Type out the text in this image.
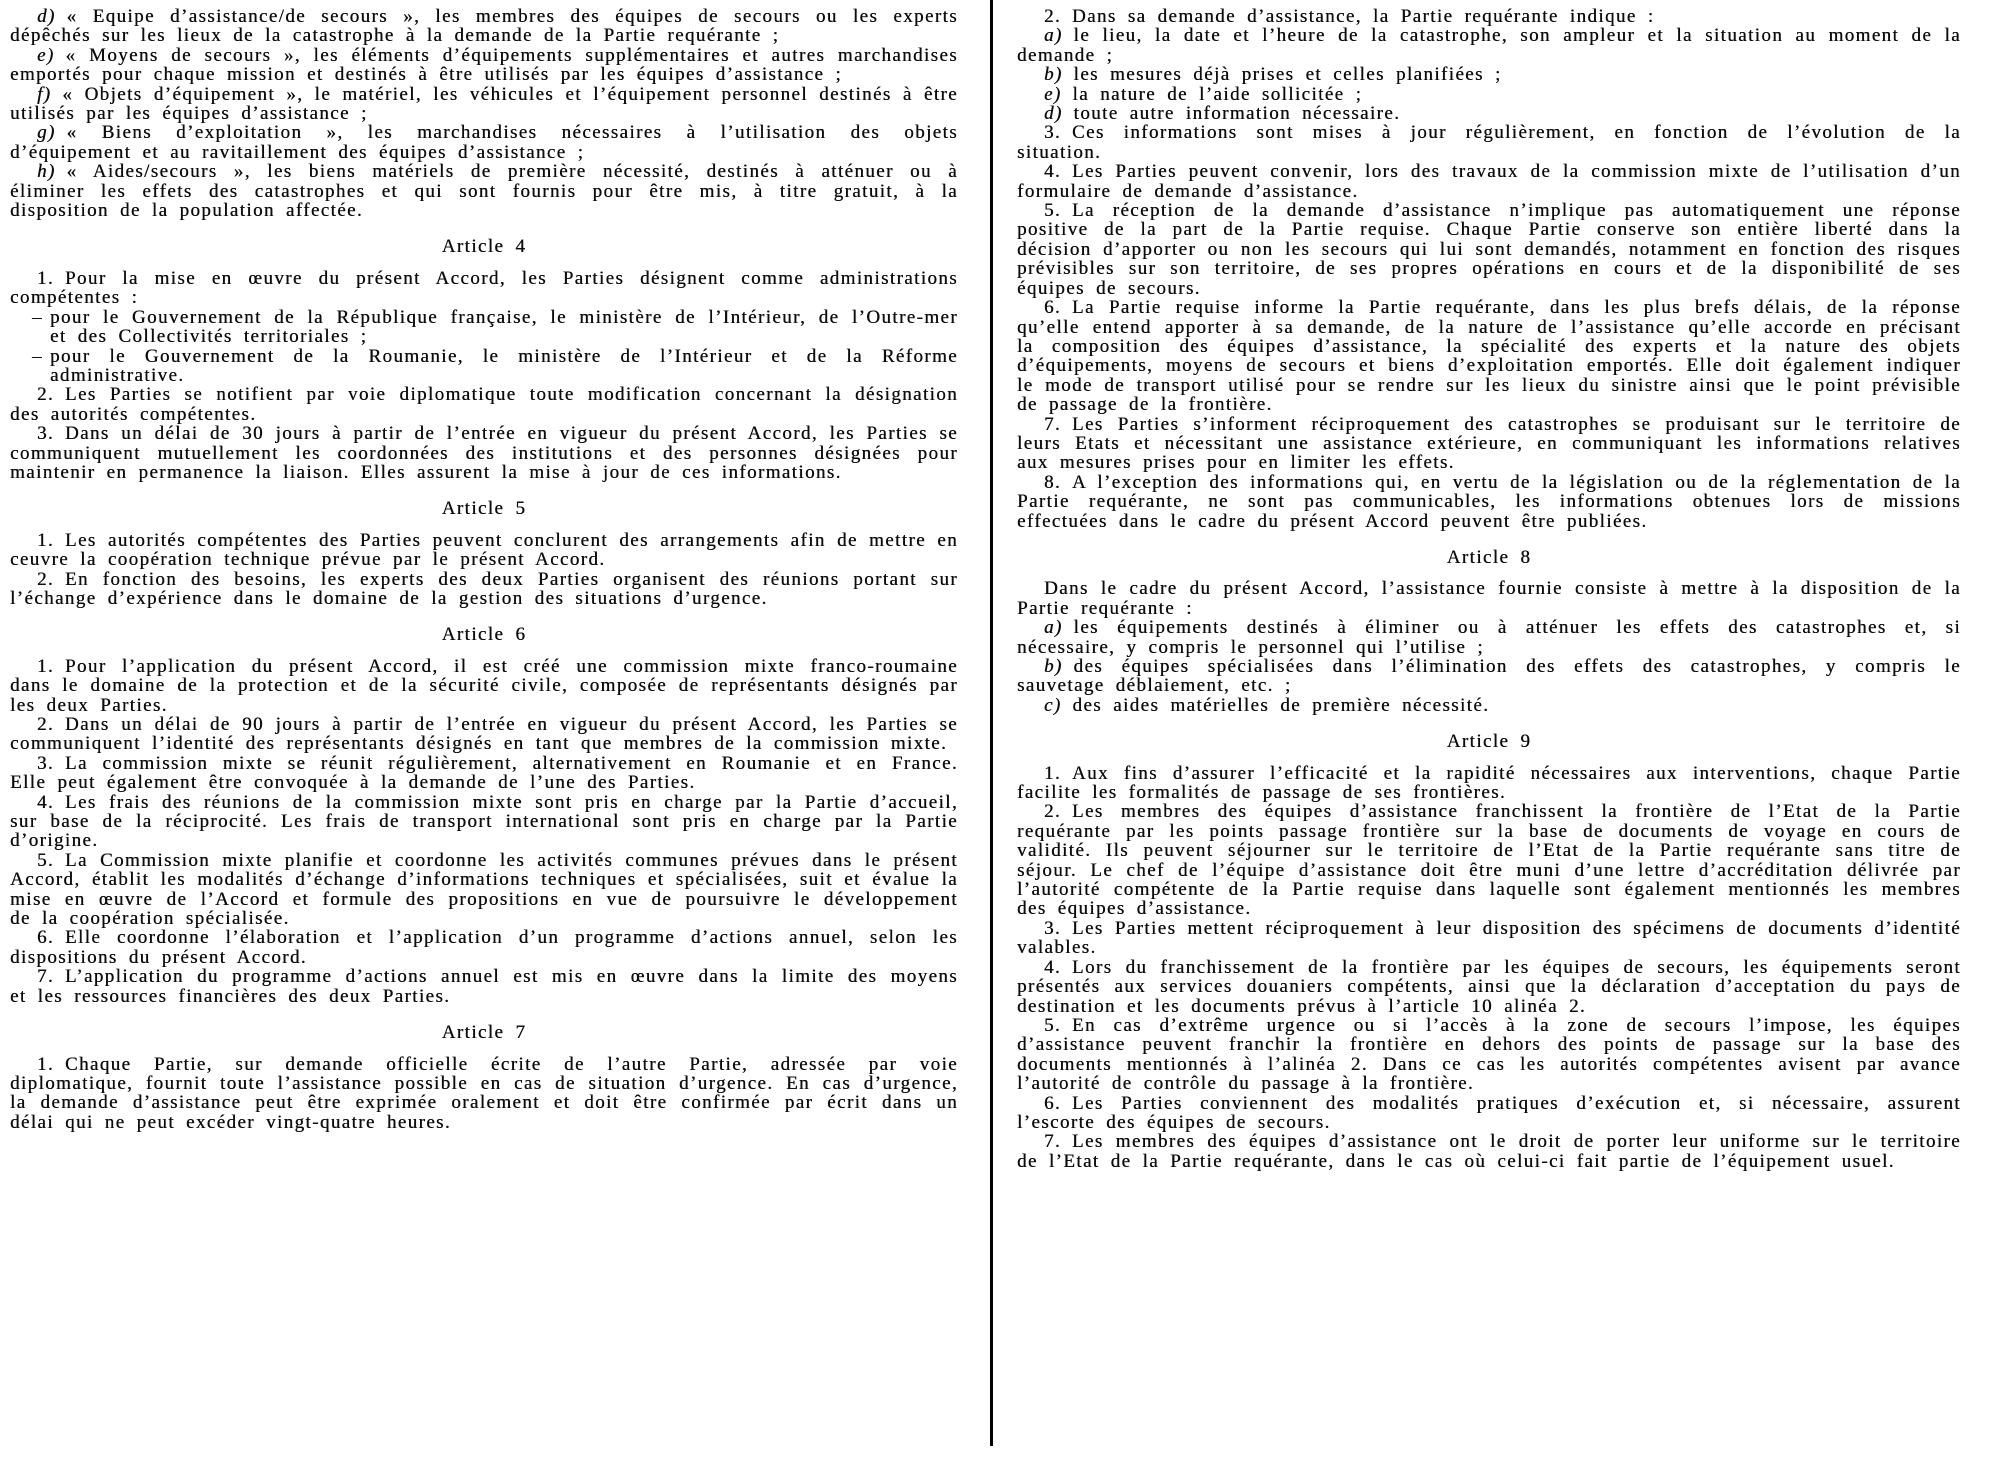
d) « Equipe d’assistance/de secours », les membres des équipes de secours ou les experts dépêchés sur les lieux de la catastrophe à la demande de la Partie requérante ;

e) « Moyens de secours », les éléments d’équipements supplémentaires et autres marchandises emportés pour chaque mission et destinés à être utilisés par les équipes d’assistance ;

f) « Objets d’équipement », le matériel, les véhicules et l’équipement personnel destinés à être utilisés par les équipes d’assistance ;

g) « Biens d’exploitation », les marchandises nécessaires à l’utilisation des objets d’équipement et au ravitaillement des équipes d’assistance ;

h) « Aides/secours », les biens matériels de première nécessité, destinés à atténuer ou à éliminer les effets des catastrophes et qui sont fournis pour être mis, à titre gratuit, à la disposition de la population affectée.

Article 4

1. Pour la mise en œuvre du présent Accord, les Parties désignent comme administrations compétentes :

– pour le Gouvernement de la République française, le ministère de l’Intérieur, de l’Outre-mer et des Collectivités territoriales ;

– pour le Gouvernement de la Roumanie, le ministère de l’Intérieur et de la Réforme administrative.

2. Les Parties se notifient par voie diplomatique toute modification concernant la désignation des autorités compétentes.

3. Dans un délai de 30 jours à partir de l’entrée en vigueur du présent Accord, les Parties se communiquent mutuellement les coordonnées des institutions et des personnes désignées pour maintenir en permanence la liaison. Elles assurent la mise à jour de ces informations.

Article 5

1. Les autorités compétentes des Parties peuvent conclurent des arrangements afin de mettre en ceuvre la coopération technique prévue par le présent Accord.

2. En fonction des besoins, les experts des deux Parties organisent des réunions portant sur l’échange d’expérience dans le domaine de la gestion des situations d’urgence.

Article 6

1. Pour l’application du présent Accord, il est créé une commission mixte franco-roumaine dans le domaine de la protection et de la sécurité civile, composée de représentants désignés par les deux Parties.

2. Dans un délai de 90 jours à partir de l’entrée en vigueur du présent Accord, les Parties se communiquent l’identité des représentants désignés en tant que membres de la commission mixte.

3. La commission mixte se réunit régulièrement, alternativement en Roumanie et en France. Elle peut également être convoquée à la demande de l’une des Parties.

4. Les frais des réunions de la commission mixte sont pris en charge par la Partie d’accueil, sur base de la réciprocité. Les frais de transport international sont pris en charge par la Partie d’origine.

5. La Commission mixte planifie et coordonne les activités communes prévues dans le présent Accord, établit les modalités d’échange d’informations techniques et spécialisées, suit et évalue la mise en œuvre de l’Accord et formule des propositions en vue de poursuivre le développement de la coopération spécialisée.

6. Elle coordonne l’élaboration et l’application d’un programme d’actions annuel, selon les dispositions du présent Accord.

7. L’application du programme d’actions annuel est mis en œuvre dans la limite des moyens et les ressources financières des deux Parties.

Article 7

1. Chaque Partie, sur demande officielle écrite de l’autre Partie, adressée par voie diplomatique, fournit toute l’assistance possible en cas de situation d’urgence. En cas d’urgence, la demande d’assistance peut être exprimée oralement et doit être confirmée par écrit dans un délai qui ne peut excéder vingt-quatre heures.

2. Dans sa demande d’assistance, la Partie requérante indique :

a) le lieu, la date et l’heure de la catastrophe, son ampleur et la situation au moment de la demande ;

b) les mesures déjà prises et celles planifiées ;

e) la nature de l’aide sollicitée ;

d) toute autre information nécessaire.

3. Ces informations sont mises à jour régulièrement, en fonction de l’évolution de la situation.

4. Les Parties peuvent convenir, lors des travaux de la commission mixte de l’utilisation d’un formulaire de demande d’assistance.

5. La réception de la demande d’assistance n’implique pas automatiquement une réponse positive de la part de la Partie requise. Chaque Partie conserve son entière liberté dans la décision d’apporter ou non les secours qui lui sont demandés, notamment en fonction des risques prévisibles sur son territoire, de ses propres opérations en cours et de la disponibilité de ses équipes de secours.

6. La Partie requise informe la Partie requérante, dans les plus brefs délais, de la réponse qu’elle entend apporter à sa demande, de la nature de l’assistance qu’elle accorde en précisant la composition des équipes d’assistance, la spécialité des experts et la nature des objets d’équipements, moyens de secours et biens d’exploitation emportés. Elle doit également indiquer le mode de transport utilisé pour se rendre sur les lieux du sinistre ainsi que le point prévisible de passage de la frontière.

7. Les Parties s’informent réciproquement des catastrophes se produisant sur le territoire de leurs Etats et nécessitant une assistance extérieure, en communiquant les informations relatives aux mesures prises pour en limiter les effets.

8. A l’exception des informations qui, en vertu de la législation ou de la réglementation de la Partie requérante, ne sont pas communicables, les informations obtenues lors de missions effectuées dans le cadre du présent Accord peuvent être publiées.

Article 8

Dans le cadre du présent Accord, l’assistance fournie consiste à mettre à la disposition de la Partie requérante :

a) les équipements destinés à éliminer ou à atténuer les effets des catastrophes et, si nécessaire, y compris le personnel qui l’utilise ;

b) des équipes spécialisées dans l’élimination des effets des catastrophes, y compris le sauvetage déblaiement, etc. ;

c) des aides matérielles de première nécessité.

Article 9

1. Aux fins d’assurer l’efficacité et la rapidité nécessaires aux interventions, chaque Partie facilite les formalités de passage de ses frontières.

2. Les membres des équipes d’assistance franchissent la frontière de l’Etat de la Partie requérante par les points passage frontière sur la base de documents de voyage en cours de validité. Ils peuvent séjourner sur le territoire de l’Etat de la Partie requérante sans titre de séjour. Le chef de l’équipe d’assistance doit être muni d’une lettre d’accréditation délivrée par l’autorité compétente de la Partie requise dans laquelle sont également mentionnés les membres des équipes d’assistance.

3. Les Parties mettent réciproquement à leur disposition des spécimens de documents d’identité valables.

4. Lors du franchissement de la frontière par les équipes de secours, les équipements seront présentés aux services douaniers compétents, ainsi que la déclaration d’acceptation du pays de destination et les documents prévus à l’article 10 alinéa 2.

5. En cas d’extrême urgence ou si l’accès à la zone de secours l’impose, les équipes d’assistance peuvent franchir la frontière en dehors des points de passage sur la base des documents mentionnés à l’alinéa 2. Dans ce cas les autorités compétentes avisent par avance l’autorité de contrôle du passage à la frontière.

6. Les Parties conviennent des modalités pratiques d’exécution et, si nécessaire, assurent l’escorte des équipes de secours.

7. Les membres des équipes d’assistance ont le droit de porter leur uniforme sur le territoire de l’Etat de la Partie requérante, dans le cas où celui-ci fait partie de l’équipement usuel.
